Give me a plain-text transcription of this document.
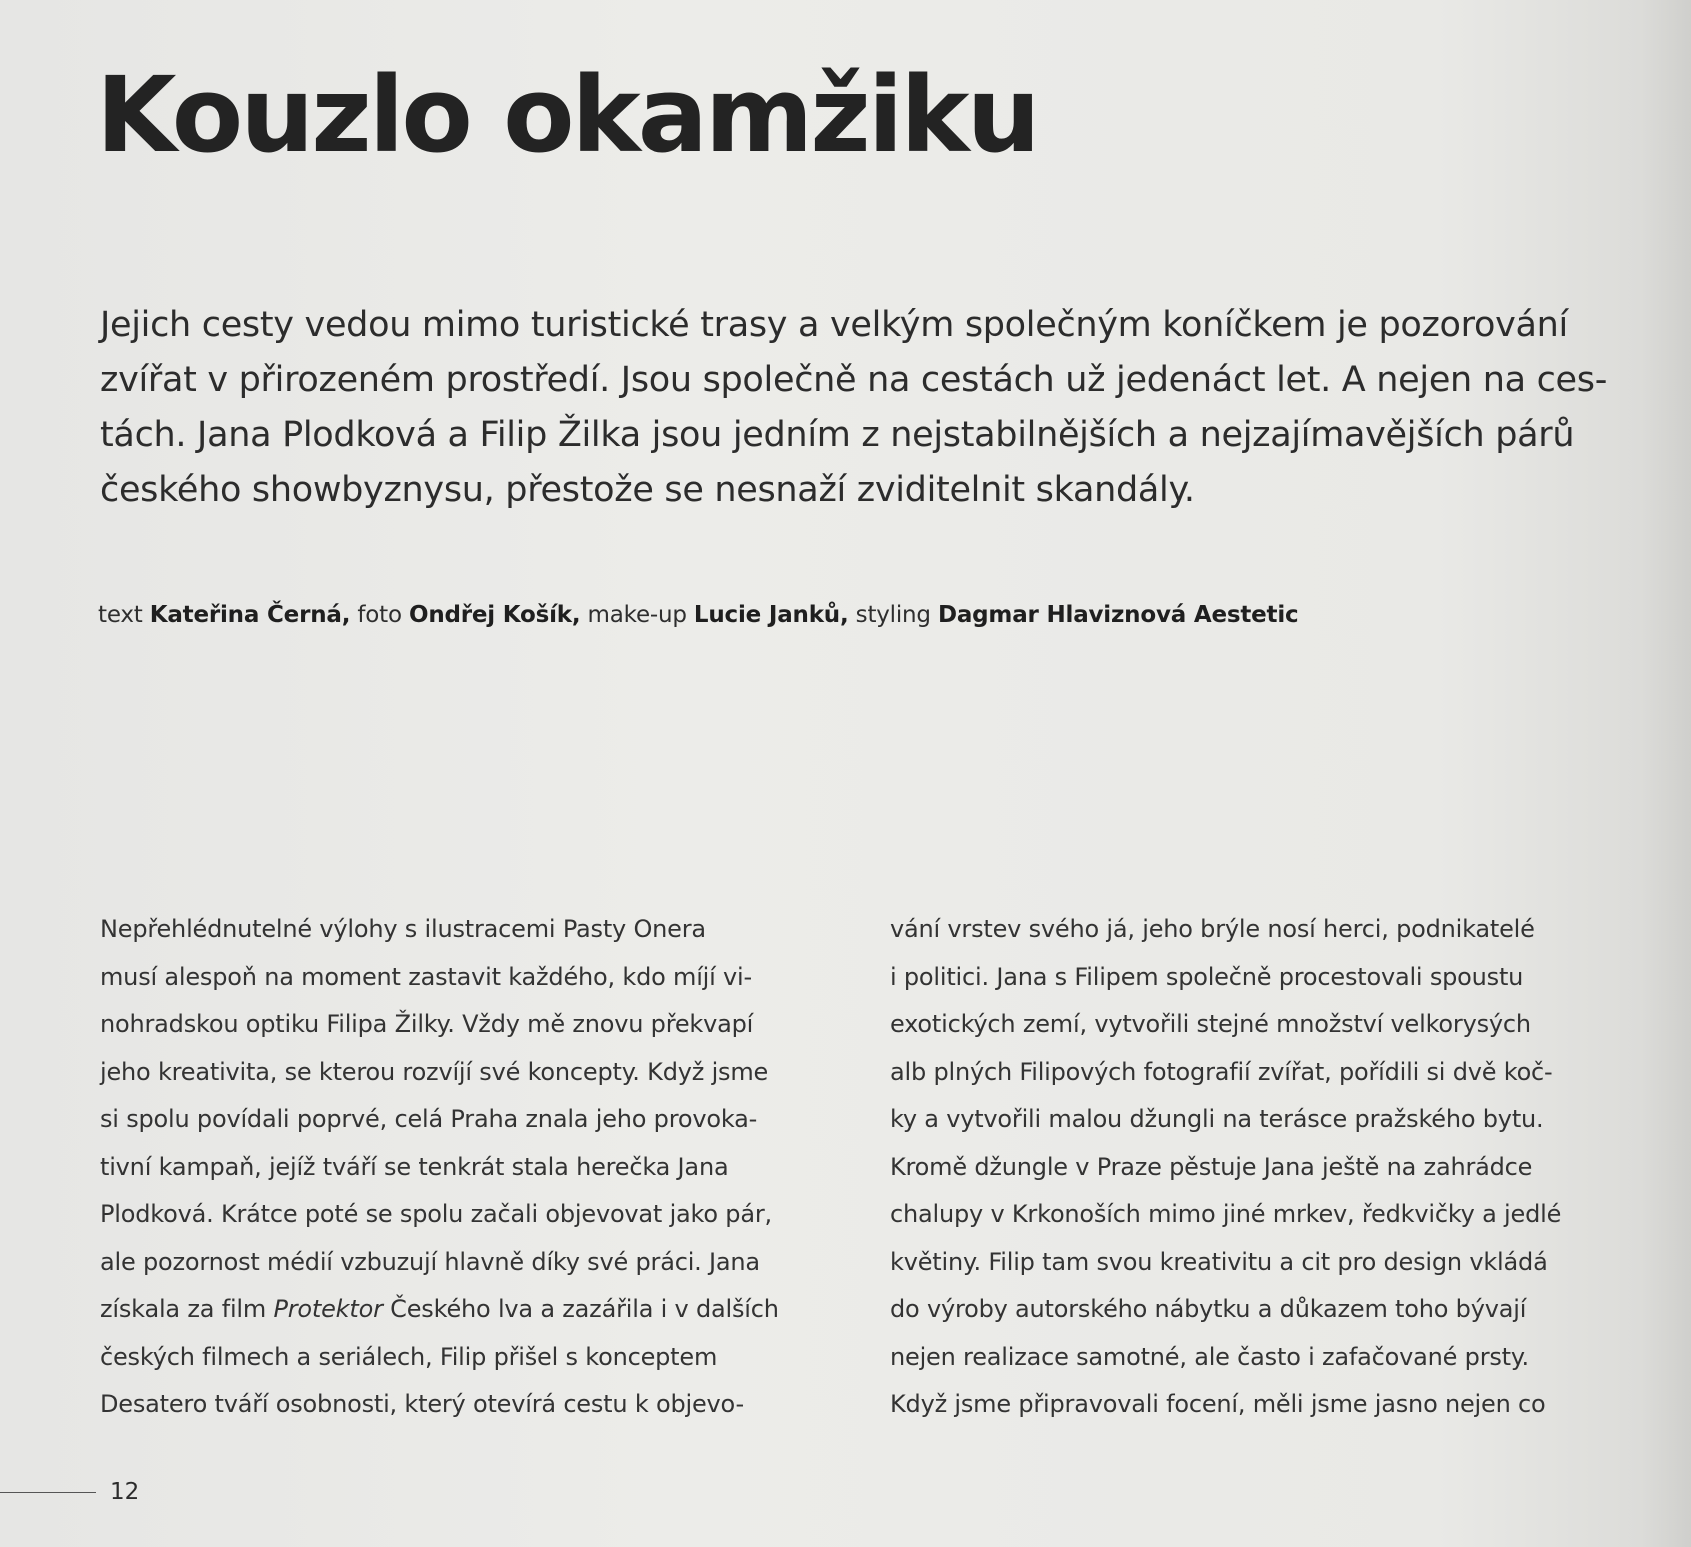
Kouzlo okamžiku

Jejich cesty vedou mimo turistické trasy a velkým společným koníčkem je pozorování
zvířat v přirozeném prostředí. Jsou společně na cestách už jedenáct let. A nejen na ces-
tách. Jana Plodková a Filip Žilka jsou jedním z nejstabilnějších a nejzajímavějších párů
českého showbyznysu, přestože se nesnaží zviditelnit skandály.

text Kateřina Černá, foto Ondřej Košík, make-up Lucie Janků, styling Dagmar Hlaviznová Aestetic

Nepřehlédnutelné výlohy s ilustracemi Pasty Onera
musí alespoň na moment zastavit každého, kdo míjí vi-
nohradskou optiku Filipa Žilky. Vždy mě znovu překvapí
jeho kreativita, se kterou rozvíjí své koncepty. Když jsme
si spolu povídali poprvé, celá Praha znala jeho provoka-
tivní kampaň, jejíž tváří se tenkrát stala herečka Jana
Plodková. Krátce poté se spolu začali objevovat jako pár,
ale pozornost médií vzbuzují hlavně díky své práci. Jana
získala za film Protektor Českého lva a zazářila i v dalších
českých filmech a seriálech, Filip přišel s konceptem
Desatero tváří osobnosti, který otevírá cestu k objevo-

vání vrstev svého já, jeho brýle nosí herci, podnikatelé
i politici. Jana s Filipem společně procestovali spoustu
exotických zemí, vytvořili stejné množství velkorysých
alb plných Filipových fotografií zvířat, pořídili si dvě koč-
ky a vytvořili malou džungli na terásce pražského bytu.
Kromě džungle v Praze pěstuje Jana ještě na zahrádce
chalupy v Krkonoších mimo jiné mrkev, ředkvičky a jedlé
květiny. Filip tam svou kreativitu a cit pro design vkládá
do výroby autorského nábytku a důkazem toho bývají
nejen realizace samotné, ale často i zafačované prsty.
Když jsme připravovali focení, měli jsme jasno nejen co

12
